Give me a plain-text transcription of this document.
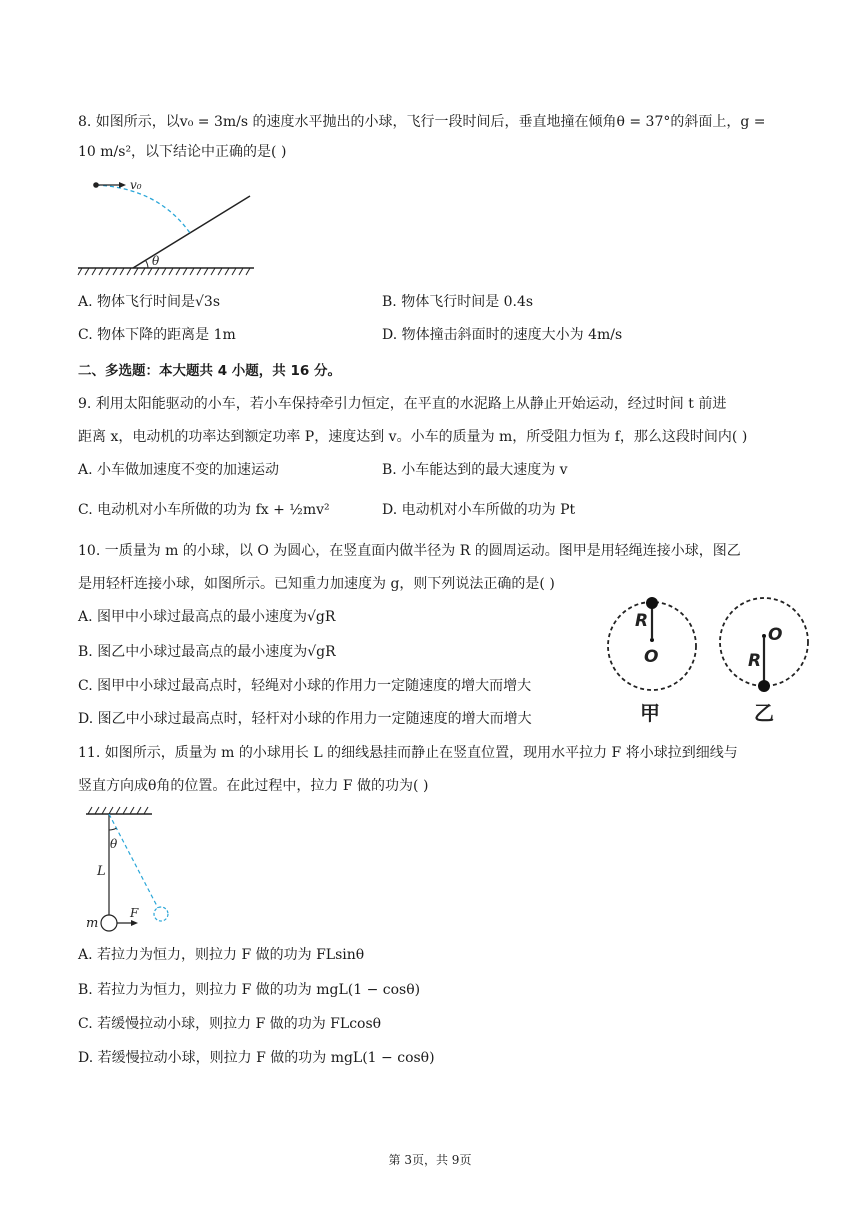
8. 如图所示，以v₀ = 3m/s 的速度水平抛出的小球，飞行一段时间后，垂直地撞在倾角θ = 37°的斜面上，g =
10 m/s²，以下结论中正确的是( )
v₀
θ
A. 物体飞行时间是√3s	B. 物体飞行时间是 0.4s
C. 物体下降的距离是 1m	D. 物体撞击斜面时的速度大小为 4m/s
二、多选题：本大题共 4 小题，共 16 分。
9. 利用太阳能驱动的小车，若小车保持牵引力恒定，在平直的水泥路上从静止开始运动，经过时间 t 前进
距离 x，电动机的功率达到额定功率 P，速度达到 v。小车的质量为 m，所受阻力恒为 f，那么这段时间内( )
A. 小车做加速度不变的加速运动	B. 小车能达到的最大速度为 v
C. 电动机对小车所做的功为 fx + ½mv²	D. 电动机对小车所做的功为 Pt
10. 一质量为 m 的小球，以 O 为圆心，在竖直面内做半径为 R 的圆周运动。图甲是用轻绳连接小球，图乙
是用轻杆连接小球，如图所示。已知重力加速度为 g，则下列说法正确的是( )
A. 图甲中小球过最高点的最小速度为√gR
B. 图乙中小球过最高点的最小速度为√gR
C. 图甲中小球过最高点时，轻绳对小球的作用力一定随速度的增大而增大
D. 图乙中小球过最高点时，轻杆对小球的作用力一定随速度的增大而增大
R
O
甲
R
O
乙
11. 如图所示，质量为 m 的小球用长 L 的细线悬挂而静止在竖直位置，现用水平拉力 F 将小球拉到细线与
竖直方向成θ角的位置。在此过程中，拉力 F 做的功为( )
θ
L
m
F
A. 若拉力为恒力，则拉力 F 做的功为 FLsinθ
B. 若拉力为恒力，则拉力 F 做的功为 mgL(1 − cosθ)
C. 若缓慢拉动小球，则拉力 F 做的功为 FLcosθ
D. 若缓慢拉动小球，则拉力 F 做的功为 mgL(1 − cosθ)
第 3页，共 9页
